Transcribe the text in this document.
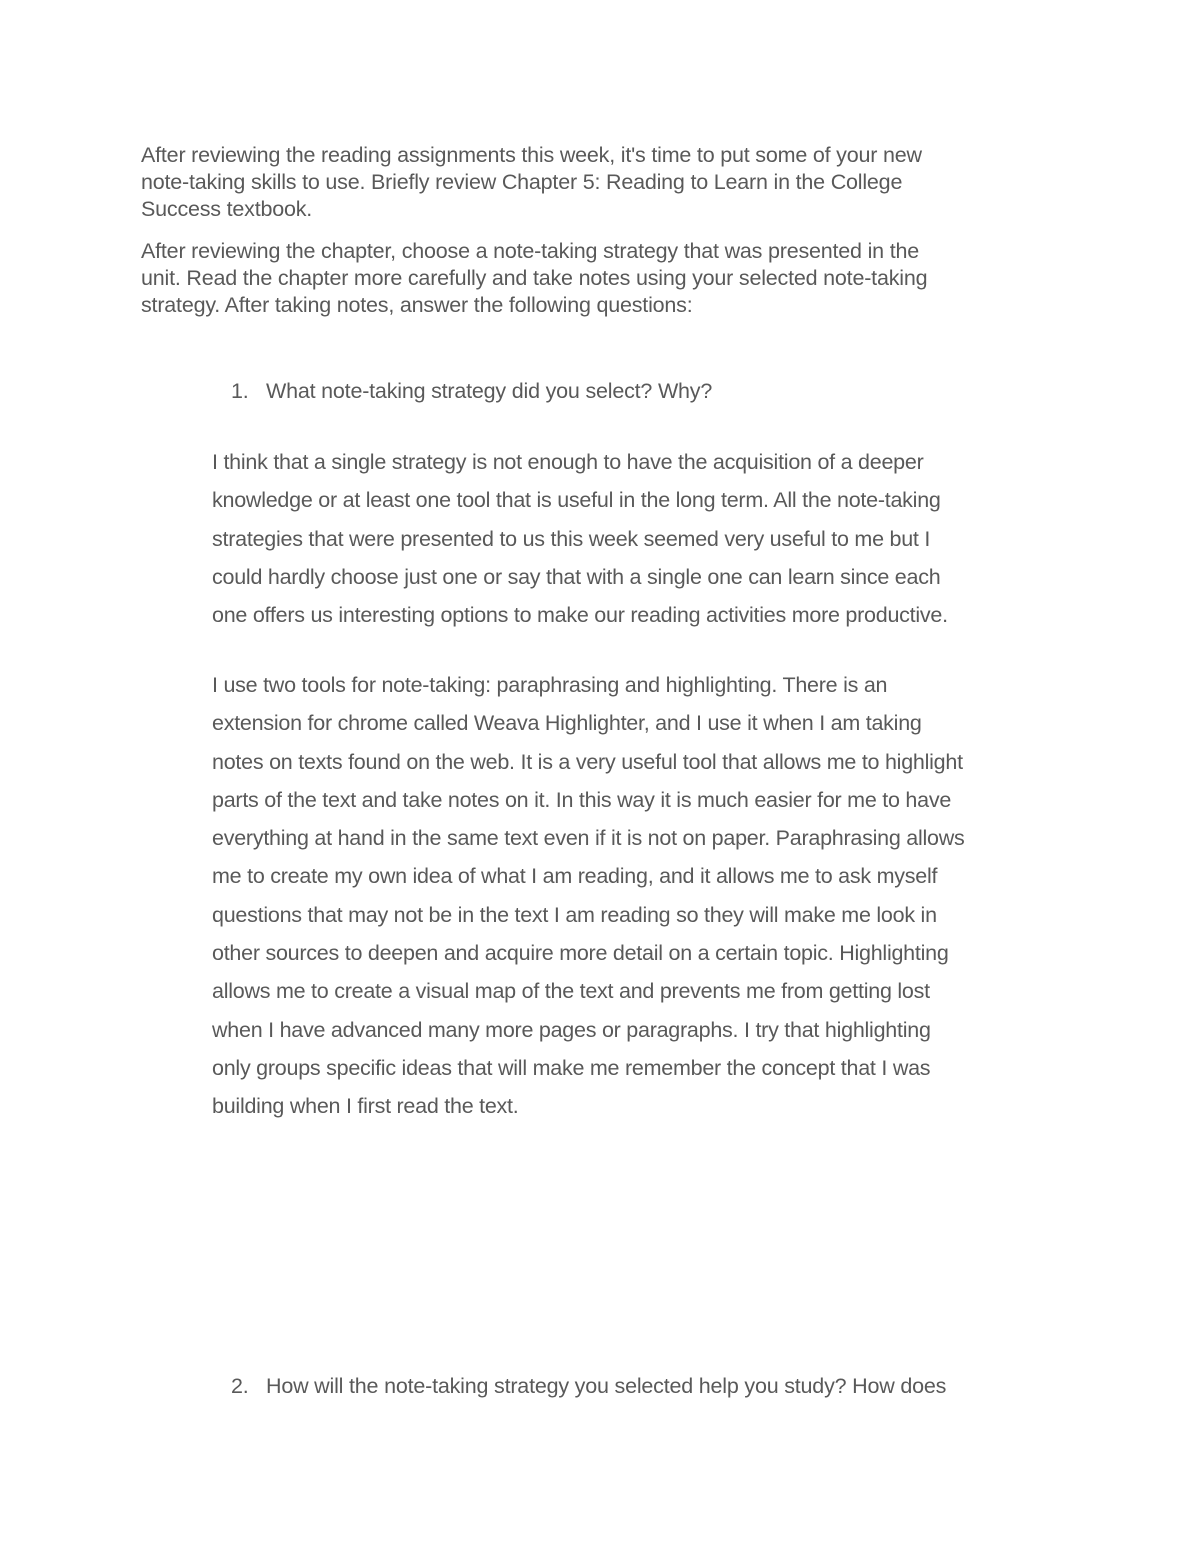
After reviewing the reading assignments this week, it's time to put some of your new
note-taking skills to use. Briefly review Chapter 5: Reading to Learn in the College
Success textbook.
After reviewing the chapter, choose a note-taking strategy that was presented in the
unit. Read the chapter more carefully and take notes using your selected note-taking
strategy. After taking notes, answer the following questions:
1. What note-taking strategy did you select? Why?
I think that a single strategy is not enough to have the acquisition of a deeper
knowledge or at least one tool that is useful in the long term. All the note-taking
strategies that were presented to us this week seemed very useful to me but I
could hardly choose just one or say that with a single one can learn since each
one offers us interesting options to make our reading activities more productive.
I use two tools for note-taking: paraphrasing and highlighting. There is an
extension for chrome called Weava Highlighter, and I use it when I am taking
notes on texts found on the web. It is a very useful tool that allows me to highlight
parts of the text and take notes on it. In this way it is much easier for me to have
everything at hand in the same text even if it is not on paper. Paraphrasing allows
me to create my own idea of what I am reading, and it allows me to ask myself
questions that may not be in the text I am reading so they will make me look in
other sources to deepen and acquire more detail on a certain topic. Highlighting
allows me to create a visual map of the text and prevents me from getting lost
when I have advanced many more pages or paragraphs. I try that highlighting
only groups specific ideas that will make me remember the concept that I was
building when I first read the text.
2. How will the note-taking strategy you selected help you study? How does
